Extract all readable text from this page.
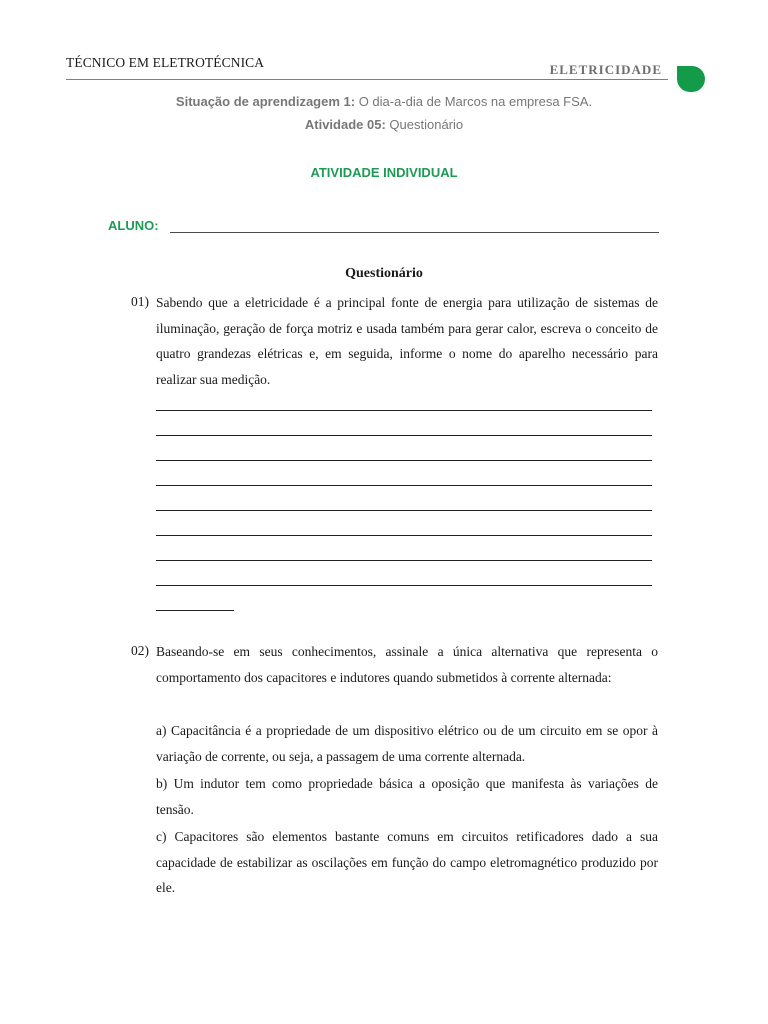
TÉCNICO EM ELETROTÉCNICA	ELETRICIDADE
Situação de aprendizagem 1: O dia-a-dia de Marcos na empresa FSA.
Atividade 05: Questionário
ATIVIDADE INDIVIDUAL
ALUNO:
Questionário
01) Sabendo que a eletricidade é a principal fonte de energia para utilização de sistemas de iluminação, geração de força motriz e usada também para gerar calor, escreva o conceito de quatro grandezas elétricas e, em seguida, informe o nome do aparelho necessário para realizar sua medição.
02) Baseando-se em seus conhecimentos, assinale a única alternativa que representa o comportamento dos capacitores e indutores quando submetidos à corrente alternada:
a) Capacitância é a propriedade de um dispositivo elétrico ou de um circuito em se opor à variação de corrente, ou seja, a passagem de uma corrente alternada.
b) Um indutor tem como propriedade básica a oposição que manifesta às variações de tensão.
c) Capacitores são elementos bastante comuns em circuitos retificadores dado a sua capacidade de estabilizar as oscilações em função do campo eletromagnético produzido por ele.
